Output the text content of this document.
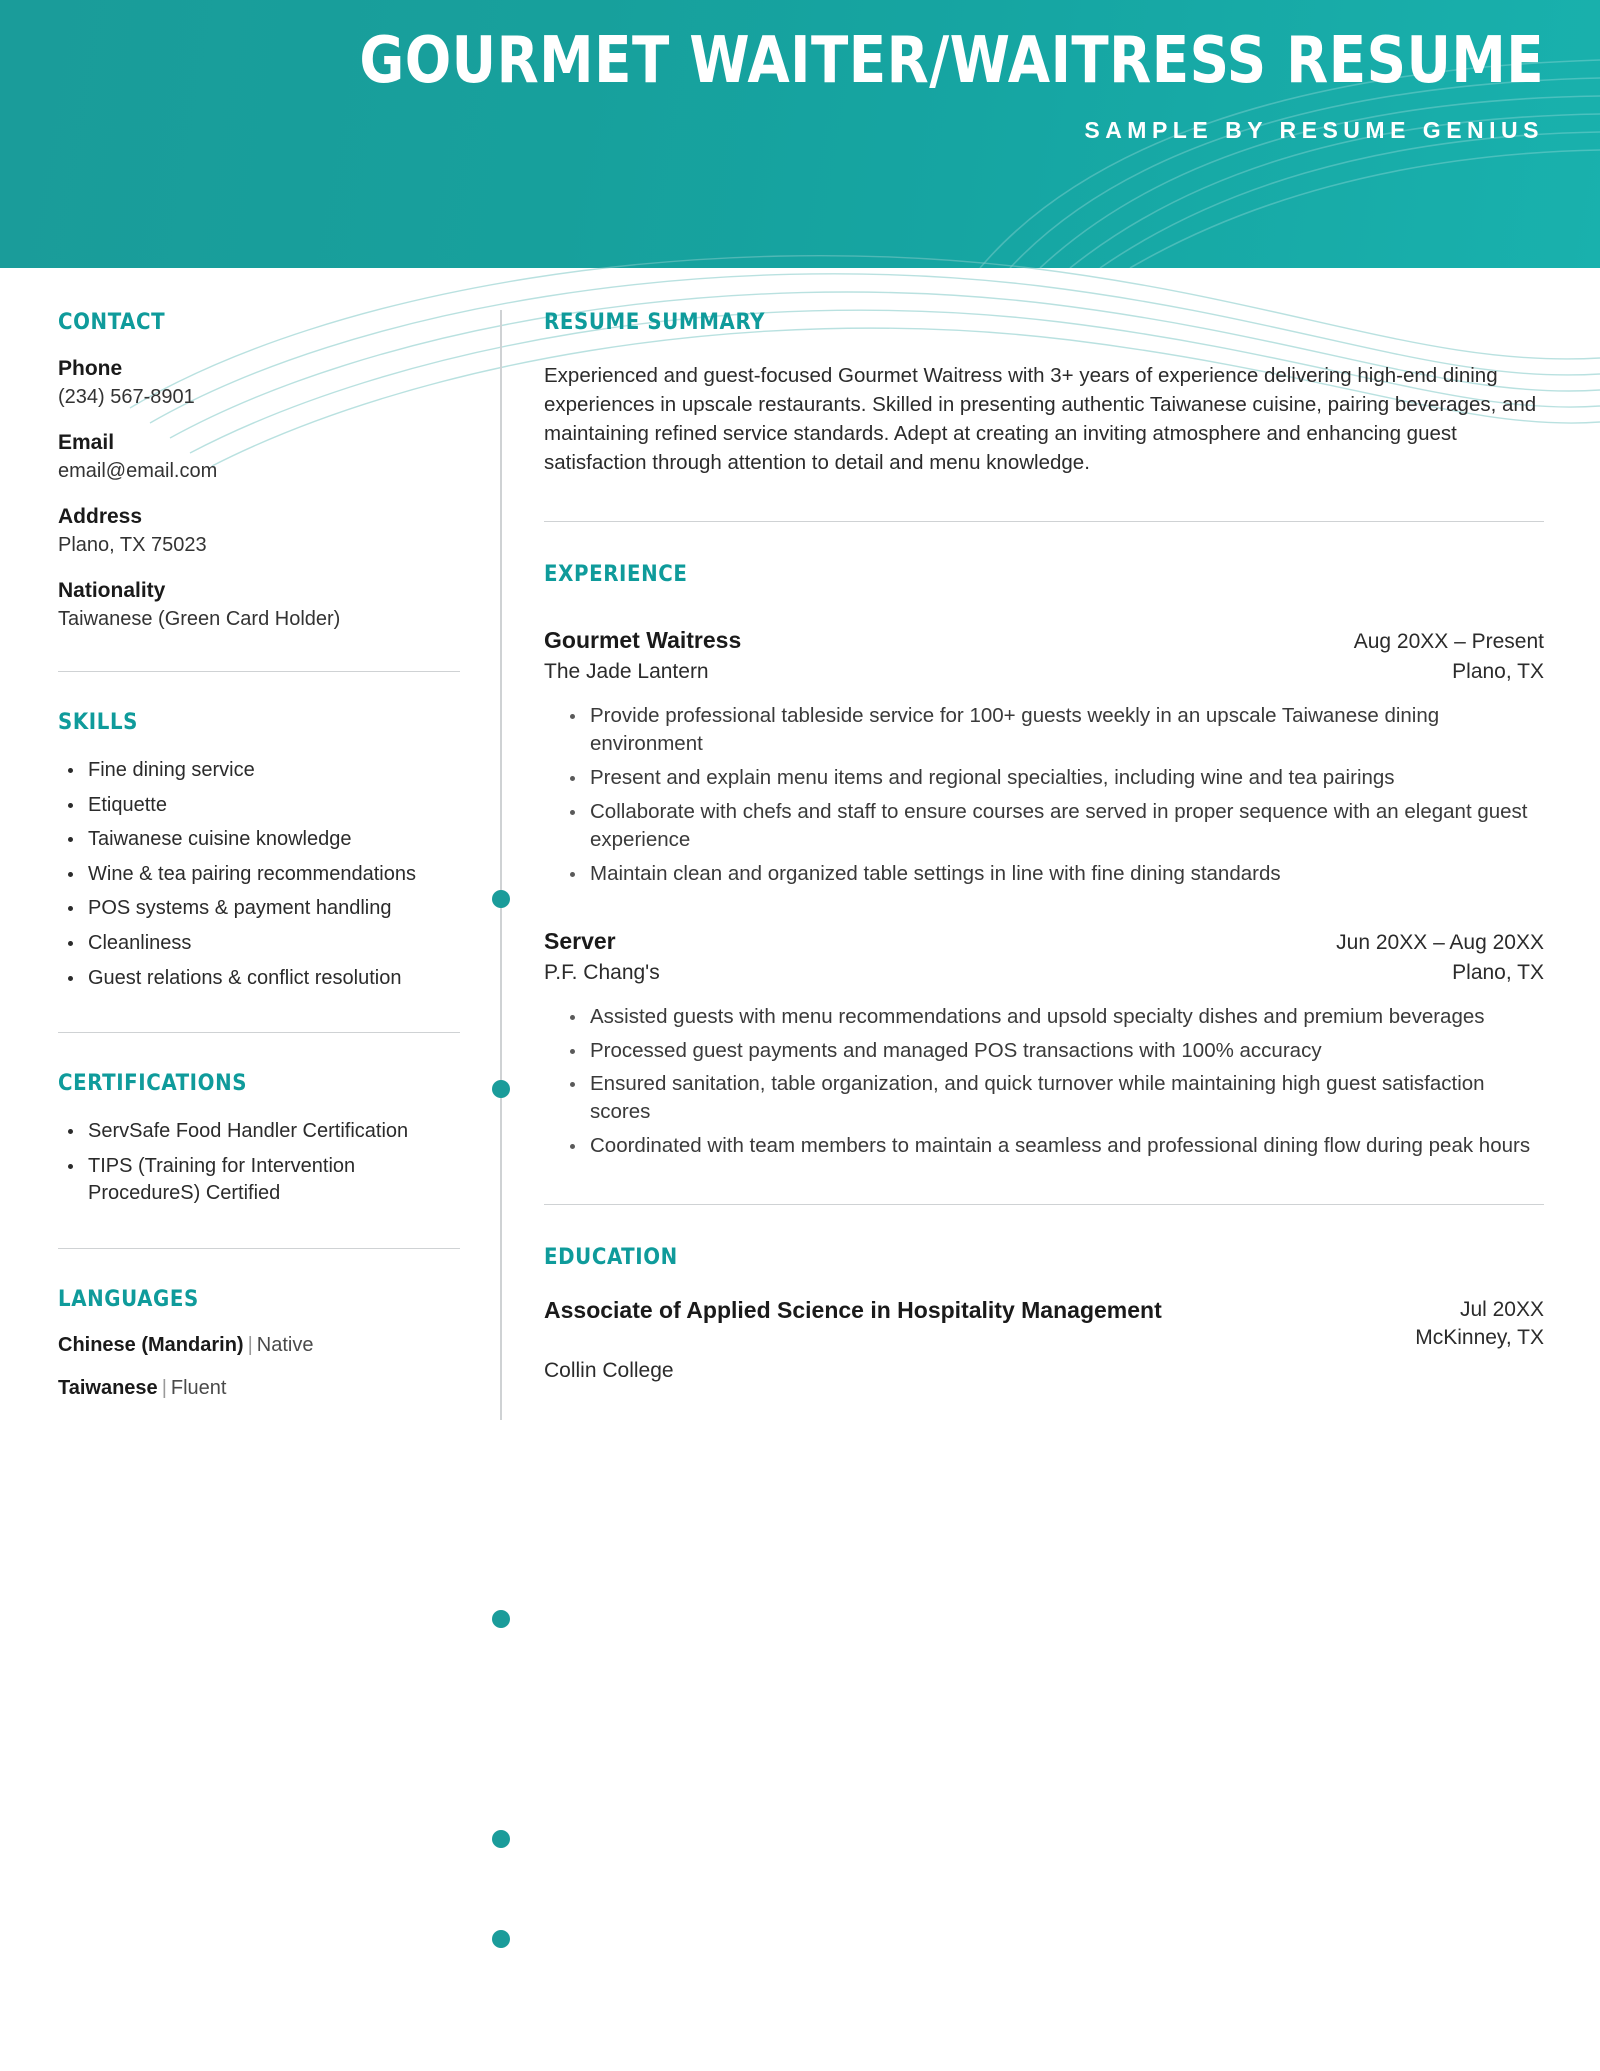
GOURMET WAITER/WAITRESS RESUME
SAMPLE BY RESUME GENIUS
CONTACT
Phone
(234) 567-8901
Email
email@email.com
Address
Plano, TX 75023
Nationality
Taiwanese (Green Card Holder)
SKILLS
Fine dining service
Etiquette
Taiwanese cuisine knowledge
Wine & tea pairing recommendations
POS systems & payment handling
Cleanliness
Guest relations & conflict resolution
CERTIFICATIONS
ServSafe Food Handler Certification
TIPS (Training for Intervention ProcedureS) Certified
LANGUAGES
Chinese (Mandarin) | Native
Taiwanese | Fluent
RESUME SUMMARY
Experienced and guest-focused Gourmet Waitress with 3+ years of experience delivering high-end dining experiences in upscale restaurants. Skilled in presenting authentic Taiwanese cuisine, pairing beverages, and maintaining refined service standards. Adept at creating an inviting atmosphere and enhancing guest satisfaction through attention to detail and menu knowledge.
EXPERIENCE
Gourmet Waitress	Aug 20XX – Present
The Jade Lantern	Plano, TX
Provide professional tableside service for 100+ guests weekly in an upscale Taiwanese dining environment
Present and explain menu items and regional specialties, including wine and tea pairings
Collaborate with chefs and staff to ensure courses are served in proper sequence with an elegant guest experience
Maintain clean and organized table settings in line with fine dining standards
Server	Jun 20XX – Aug 20XX
P.F. Chang's	Plano, TX
Assisted guests with menu recommendations and upsold specialty dishes and premium beverages
Processed guest payments and managed POS transactions with 100% accuracy
Ensured sanitation, table organization, and quick turnover while maintaining high guest satisfaction scores
Coordinated with team members to maintain a seamless and professional dining flow during peak hours
EDUCATION
Associate of Applied Science in Hospitality Management	Jul 20XX
McKinney, TX
Collin College
